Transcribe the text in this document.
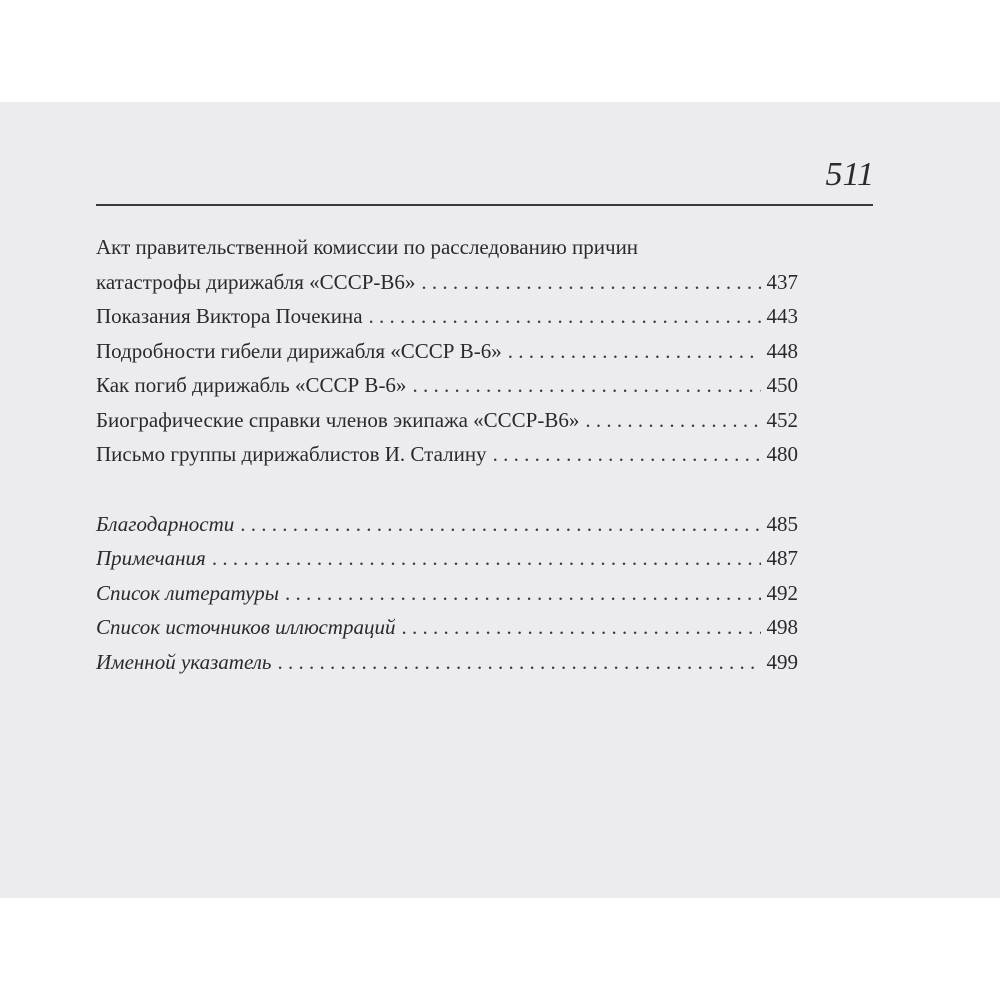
511
Акт правительственной комиссии по расследованию причин
катастрофы дирижабля «СССР-В6» . . .	437
Показания Виктора Почекина . . .	443
Подробности гибели дирижабля «СССР В-6» . . .	448
Как погиб дирижабль «СССР В-6» . . .	450
Биографические справки членов экипажа «СССР-В6» . . .	452
Письмо группы дирижаблистов И. Сталину . . .	480
Благодарности . . .	485
Примечания . . .	487
Список литературы . . .	492
Список источников иллюстраций . . .	498
Именной указатель . . .	499
